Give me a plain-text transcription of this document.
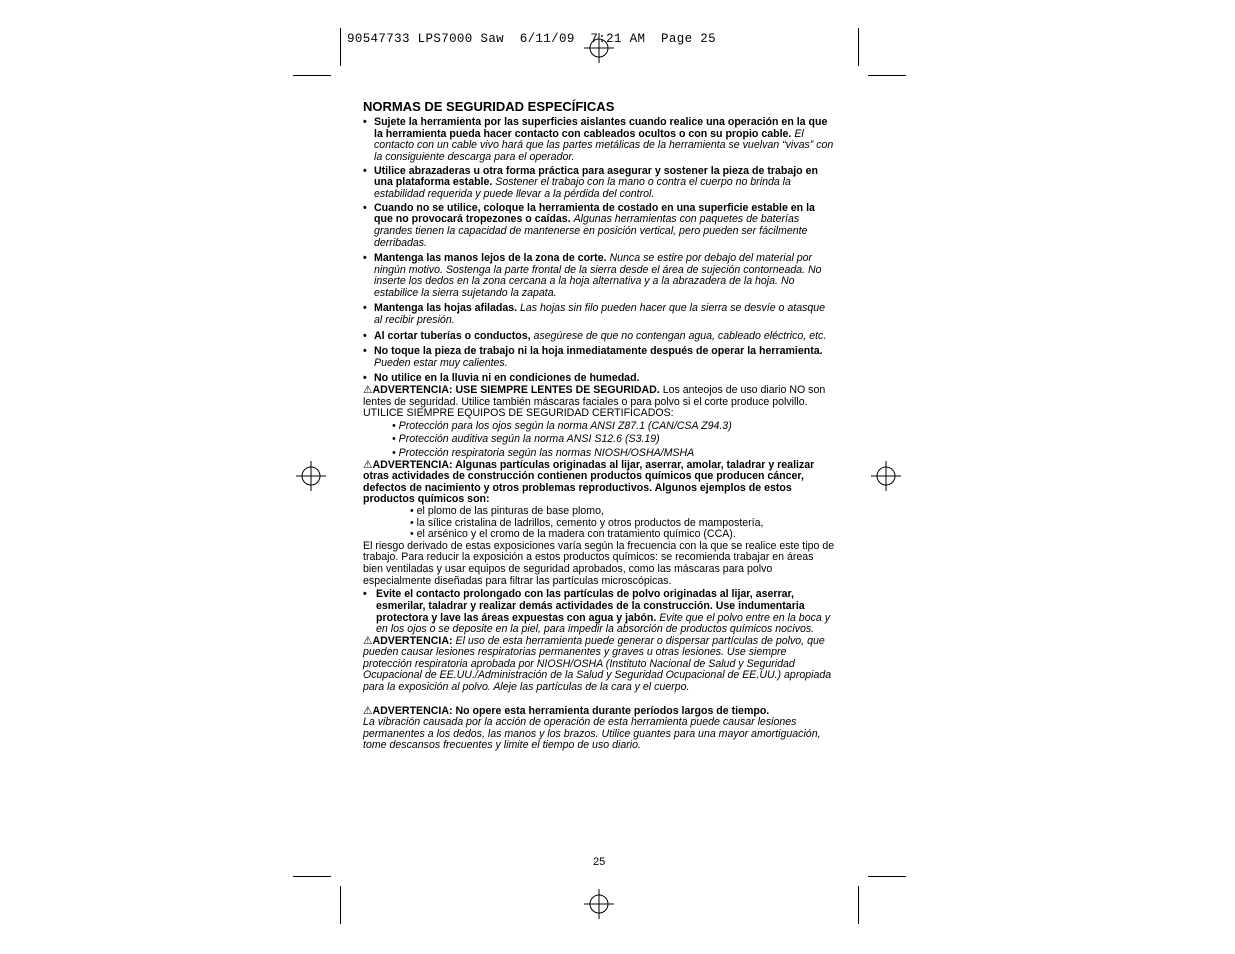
90547733 LPS7000 Saw  6/11/09  7:21 AM  Page 25

NORMAS DE SEGURIDAD ESPECÍFICAS

• Sujete la herramienta por las superficies aislantes cuando realice una operación en la que la herramienta pueda hacer contacto con cableados ocultos o con su propio cable. El contacto con un cable vivo hará que las partes metálicas de la herramienta se vuelvan “vivas” con la consiguiente descarga para el operador.

• Utilice abrazaderas u otra forma práctica para asegurar y sostener la pieza de trabajo en una plataforma estable. Sostener el trabajo con la mano o contra el cuerpo no brinda la estabilidad requerida y puede llevar a la pérdida del control.

• Cuando no se utilice, coloque la herramienta de costado en una superficie estable en la que no provocará tropezones o caídas. Algunas herramientas con paquetes de baterías grandes tienen la capacidad de mantenerse en posición vertical, pero pueden ser fácilmente derribadas.

• Mantenga las manos lejos de la zona de corte. Nunca se estire por debajo del material por ningún motivo. Sostenga la parte frontal de la sierra desde el área de sujeción contorneada. No inserte los dedos en la zona cercana a la hoja alternativa y a la abrazadera de la hoja. No estabilice la sierra sujetando la zapata.

• Mantenga las hojas afiladas. Las hojas sin filo pueden hacer que la sierra se desvíe o atasque al recibir presión.

• Al cortar tuberías o conductos, asegúrese de que no contengan agua, cableado eléctrico, etc.

• No toque la pieza de trabajo ni la hoja inmediatamente después de operar la herramienta. Pueden estar muy calientes.

• No utilice en la lluvia ni en condiciones de humedad.

⚠ADVERTENCIA: USE SIEMPRE LENTES DE SEGURIDAD. Los anteojos de uso diario NO son lentes de seguridad. Utilice también máscaras faciales o para polvo si el corte produce polvillo. UTILICE SIEMPRE EQUIPOS DE SEGURIDAD CERTIFICADOS:

• Protección para los ojos según la norma ANSI Z87.1 (CAN/CSA Z94.3)

• Protección auditiva según la norma ANSI S12.6 (S3.19)

• Protección respiratoria según las normas NIOSH/OSHA/MSHA

⚠ADVERTENCIA: Algunas partículas originadas al lijar, aserrar, amolar, taladrar y realizar otras actividades de construcción contienen productos químicos que producen cáncer, defectos de nacimiento y otros problemas reproductivos. Algunos ejemplos de estos productos químicos son:

• el plomo de las pinturas de base plomo,

• la sílice cristalina de ladrillos, cemento y otros productos de mampostería,

• el arsénico y el cromo de la madera con tratamiento químico (CCA).

El riesgo derivado de estas exposiciones varía según la frecuencia con la que se realice este tipo de trabajo. Para reducir la exposición a estos productos químicos: se recomienda trabajar en áreas bien ventiladas y usar equipos de seguridad aprobados, como las máscaras para polvo especialmente diseñadas para filtrar las partículas microscópicas.

• Evite el contacto prolongado con las partículas de polvo originadas al lijar, aserrar, esmerilar, taladrar y realizar demás actividades de la construcción. Use indumentaria protectora y lave las áreas expuestas con agua y jabón. Evite que el polvo entre en la boca y en los ojos o se deposite en la piel, para impedir la absorción de productos químicos nocivos.

⚠ADVERTENCIA: El uso de esta herramienta puede generar o dispersar partículas de polvo, que pueden causar lesiones respiratorias permanentes y graves u otras lesiones. Use siempre protección respiratoria aprobada por NIOSH/OSHA (Instituto Nacional de Salud y Seguridad Ocupacional de EE.UU./Administración de la Salud y Seguridad Ocupacional de EE.UU.) apropiada para la exposición al polvo. Aleje las partículas de la cara y el cuerpo.

⚠ADVERTENCIA: No opere esta herramienta durante períodos largos de tiempo.
La vibración causada por la acción de operación de esta herramienta puede causar lesiones permanentes a los dedos, las manos y los brazos. Utilice guantes para una mayor amortiguación, tome descansos frecuentes y limite el tiempo de uso diario.

25
